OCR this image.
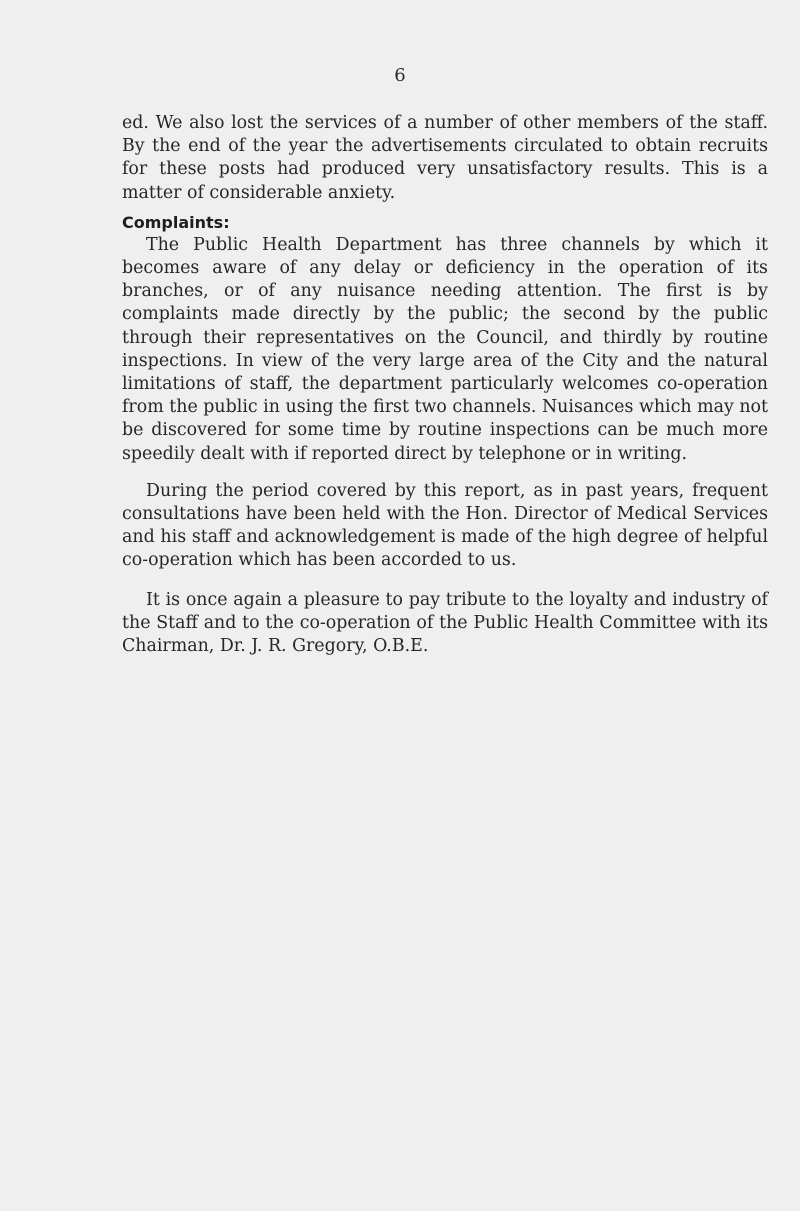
6

ed. We also lost the services of a number of other members of the staff. By the end of the year the advertisements circulated to obtain recruits for these posts had produced very unsatisfactory results. This is a matter of considerable anxiety.

Complaints:

The Public Health Department has three channels by which it becomes aware of any delay or deficiency in the operation of its branches, or of any nuisance needing attention. The first is by complaints made directly by the public; the second by the public through their representatives on the Council, and thirdly by routine inspections. In view of the very large area of the City and the natural limitations of staff, the department particularly welcomes co-operation from the public in using the first two channels. Nuisances which may not be discovered for some time by routine inspections can be much more speedily dealt with if reported direct by telephone or in writing.

During the period covered by this report, as in past years, frequent consultations have been held with the Hon. Director of Medical Services and his staff and acknowledgement is made of the high degree of helpful co-operation which has been accorded to us.

It is once again a pleasure to pay tribute to the loyalty and industry of the Staff and to the co-operation of the Public Health Committee with its Chairman, Dr. J. R. Gregory, O.B.E.
